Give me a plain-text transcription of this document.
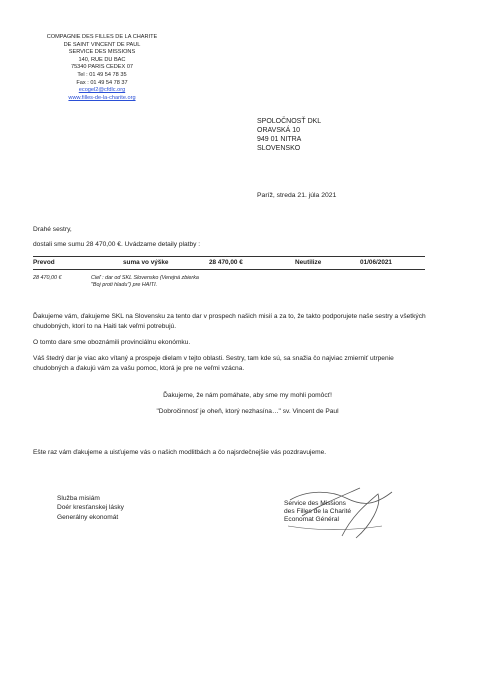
COMPAGNIE DES FILLES DE LA CHARITE
DE SAINT VINCENT DE PAUL
SERVICE DES MISSIONS
140, RUE DU BAC
75340 PARIS CEDEX 07
Tel : 01 49 54 78 35
Fax : 01 49 54 78 37
ecogel2@cfdlc.org
www.filles-de-la-charite.org
SPOLOČNOSŤ DKL
ORAVSKÁ 10
949 01 NITRA
SLOVENSKO
Paríž, streda 21. júla 2021
Drahé sestry,
dostali sme sumu 28 470,00 €. Uvádzame detaily platby :
Prevod	suma vo výške	28 470,00 €	Neutilize	01/06/2021
28 470,00 €	Cieľ : dar od SKL Slovensko (Verejná zbierka
"Boj proti hladu") pre HAITI.
Ďakujeme vám, ďakujeme SKL na Slovensku za tento dar v prospech našich misií a za to, že takto podporujete naše sestry a všetkých chudobných, ktorí to na Haiti tak veľmi potrebujú.
O tomto dare sme oboznámili provinciálnu ekonómku.
Váš štedrý dar je viac ako vítaný a prospeje dielam v tejto oblasti. Sestry, tam kde sú, sa snažia čo najviac zmierniť utrpenie chudobných a ďakujú vám za vašu pomoc, ktorá je pre ne veľmi vzácna.
Ďakujeme, že nám pomáhate, aby sme my mohli pomôcť!
"Dobročinnosť je oheň, ktorý nezhasína…" sv. Vincent de Paul
Ešte raz vám ďakujeme a uisťujeme vás o našich modlitbách a čo najsrdečnejšie vás pozdravujeme.
Služba misiám
Doér kresťanskej lásky
Generálny ekonomát
Service des Missions
des Filles de la Charité
Economat Général
